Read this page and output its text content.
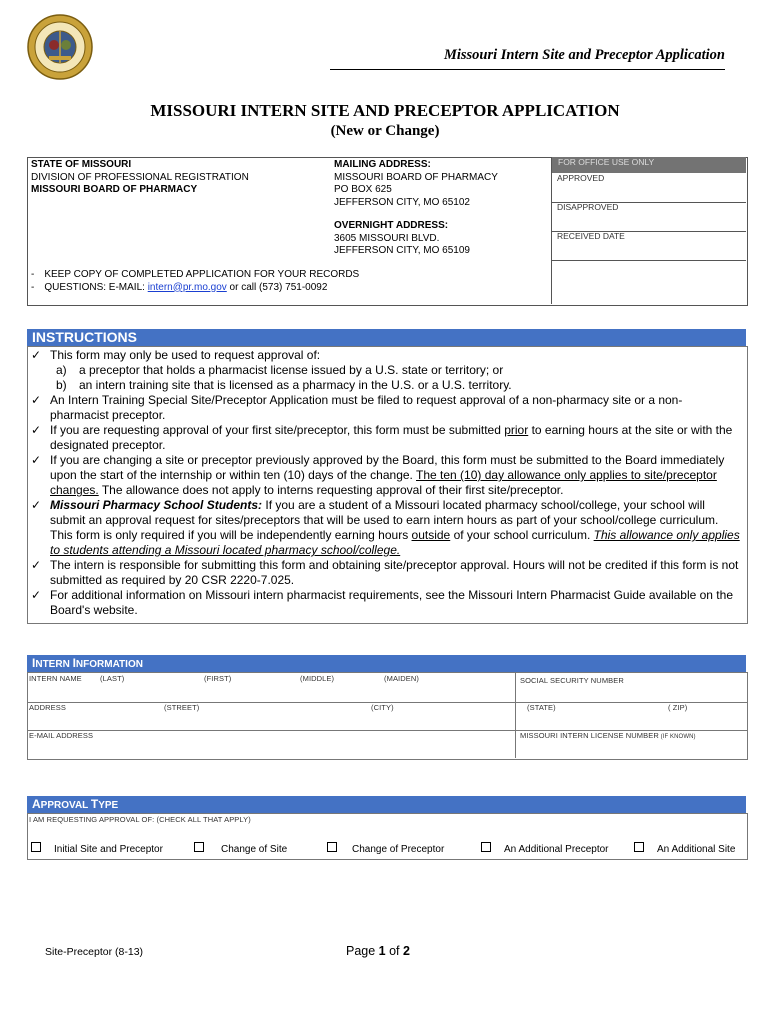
Missouri Intern Site and Preceptor Application
MISSOURI INTERN SITE AND PRECEPTOR APPLICATION
(New or Change)
STATE OF MISSOURI
DIVISION OF PROFESSIONAL REGISTRATION
MISSOURI BOARD OF PHARMACY
MAILING ADDRESS:
MISSOURI BOARD OF PHARMACY
PO BOX 625
JEFFERSON CITY, MO 65102
OVERNIGHT ADDRESS:
3605 MISSOURI BLVD.
JEFFERSON CITY, MO 65109
- KEEP COPY OF COMPLETED APPLICATION FOR YOUR RECORDS
- QUESTIONS: E-MAIL: intern@pr.mo.gov or call (573) 751-0092
FOR OFFICE USE ONLY
APPROVED
DISAPPROVED
RECEIVED DATE
INSTRUCTIONS
✓ This form may only be used to request approval of:
a) a preceptor that holds a pharmacist license issued by a U.S. state or territory; or
b) an intern training site that is licensed as a pharmacy in the U.S. or a U.S. territory.
✓ An Intern Training Special Site/Preceptor Application must be filed to request approval of a non-pharmacy site or a non-pharmacist preceptor.
✓ If you are requesting approval of your first site/preceptor, this form must be submitted prior to earning hours at the site or with the designated preceptor.
✓ If you are changing a site or preceptor previously approved by the Board, this form must be submitted to the Board immediately upon the start of the internship or within ten (10) days of the change. The ten (10) day allowance only applies to site/preceptor changes. The allowance does not apply to interns requesting approval of their first site/preceptor.
✓ Missouri Pharmacy School Students: If you are a student of a Missouri located pharmacy school/college, your school will submit an approval request for sites/preceptors that will be used to earn intern hours as part of your school/college curriculum. This form is only required if you will be independently earning hours outside of your school curriculum. This allowance only applies to students attending a Missouri located pharmacy school/college.
✓ The intern is responsible for submitting this form and obtaining site/preceptor approval. Hours will not be credited if this form is not submitted as required by 20 CSR 2220-7.025.
✓ For additional information on Missouri intern pharmacist requirements, see the Missouri Intern Pharmacist Guide available on the Board's website.
INTERN INFORMATION
INTERN NAME (LAST)	(FIRST)	(MIDDLE)	(MAIDEN)	SOCIAL SECURITY NUMBER
ADDRESS	(STREET)	(CITY)	(STATE)	( ZIP)
E-MAIL ADDRESS	MISSOURI INTERN LICENSE NUMBER (IF KNOWN)
APPROVAL TYPE
I AM REQUESTING APPROVAL OF: (CHECK ALL THAT APPLY)
Initial Site and Preceptor	Change of Site	Change of Preceptor	An Additional Preceptor	An Additional Site
Site-Preceptor (8-13)	Page 1 of 2
